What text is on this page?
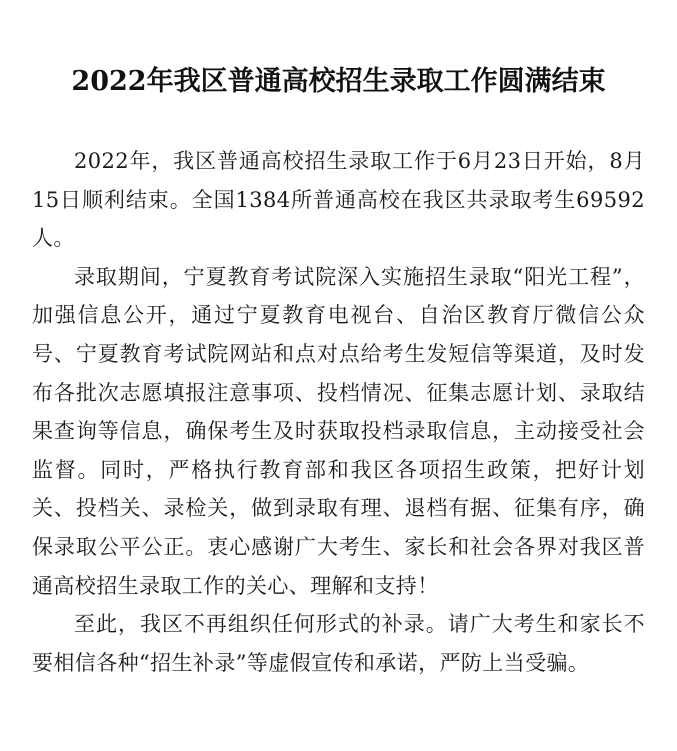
2022年我区普通高校招生录取工作圆满结束

2022年，我区普通高校招生录取工作于6月23日开始，8月15日顺利结束。全国1384所普通高校在我区共录取考生69592人。

录取期间，宁夏教育考试院深入实施招生录取“阳光工程”，加强信息公开，通过宁夏教育电视台、自治区教育厅微信公众号、宁夏教育考试院网站和点对点给考生发短信等渠道，及时发布各批次志愿填报注意事项、投档情况、征集志愿计划、录取结果查询等信息，确保考生及时获取投档录取信息，主动接受社会监督。同时，严格执行教育部和我区各项招生政策，把好计划关、投档关、录检关，做到录取有理、退档有据、征集有序，确保录取公平公正。衷心感谢广大考生、家长和社会各界对我区普通高校招生录取工作的关心、理解和支持！

至此，我区不再组织任何形式的补录。请广大考生和家长不要相信各种“招生补录”等虚假宣传和承诺，严防上当受骗。
